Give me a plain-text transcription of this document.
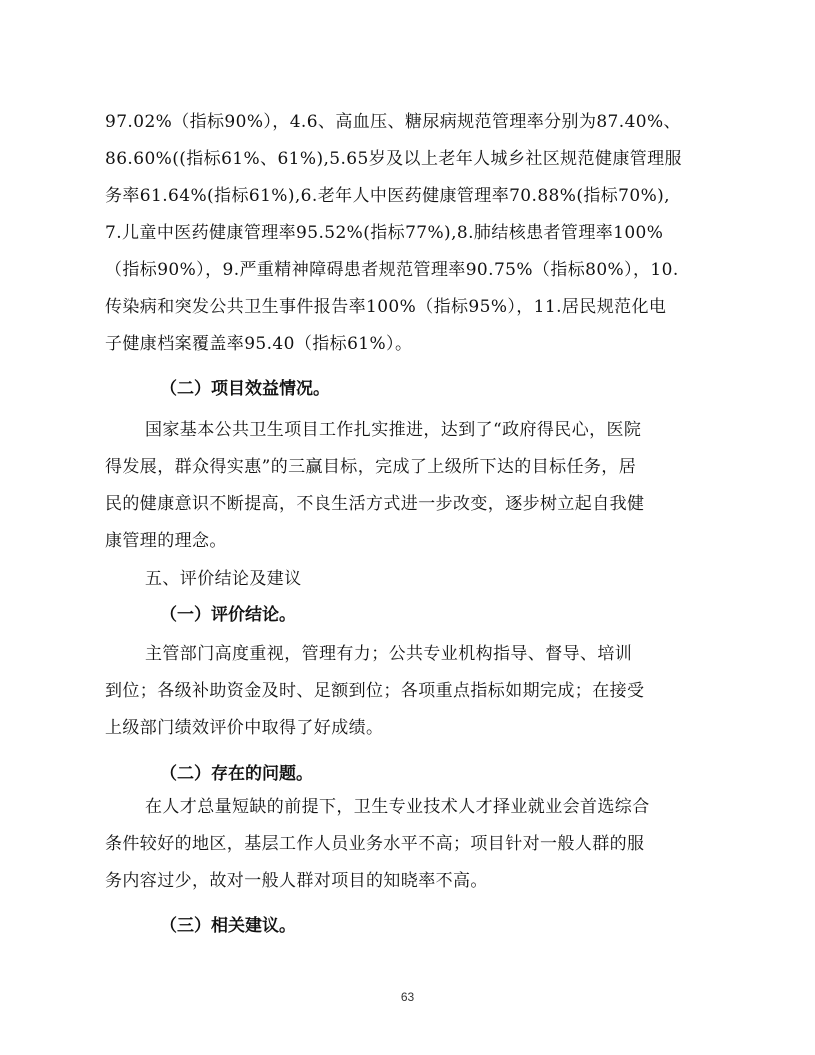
97.02%（指标90%），4.6、高血压、糖尿病规范管理率分别为87.40%、
86.60%((指标61%、61%),5.65岁及以上老年人城乡社区规范健康管理服
务率61.64%(指标61%),6.老年人中医药健康管理率70.88%(指标70%),
7.儿童中医药健康管理率95.52%(指标77%),8.肺结核患者管理率100%
（指标90%），9.严重精神障碍患者规范管理率90.75%（指标80%），10.
传染病和突发公共卫生事件报告率100%（指标95%），11.居民规范化电
子健康档案覆盖率95.40（指标61%）。
（二）项目效益情况。
国家基本公共卫生项目工作扎实推进，达到了“政府得民心，医院
得发展，群众得实惠”的三赢目标，完成了上级所下达的目标任务，居
民的健康意识不断提高，不良生活方式进一步改变，逐步树立起自我健
康管理的理念。
五、评价结论及建议
（一）评价结论。
主管部门高度重视，管理有力；公共专业机构指导、督导、培训
到位；各级补助资金及时、足额到位；各项重点指标如期完成；在接受
上级部门绩效评价中取得了好成绩。
（二）存在的问题。
在人才总量短缺的前提下，卫生专业技术人才择业就业会首选综合
条件较好的地区，基层工作人员业务水平不高；项目针对一般人群的服
务内容过少，故对一般人群对项目的知晓率不高。
（三）相关建议。
63
